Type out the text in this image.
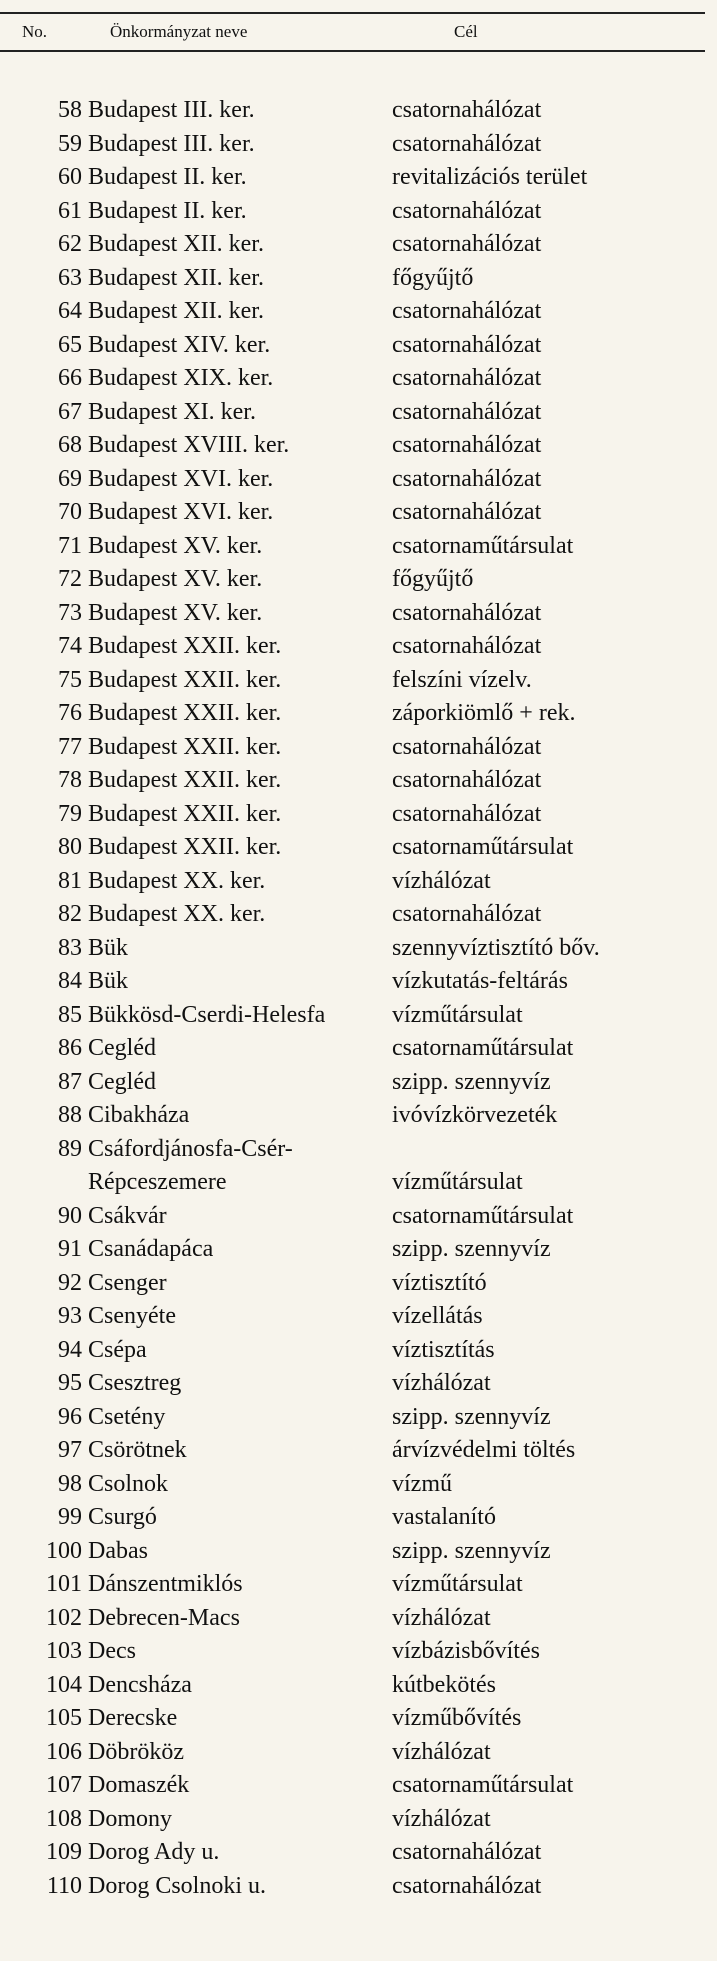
No.	Önkormányzat neve	Cél
58 Budapest III. ker.	csatornahálózat
59 Budapest III. ker.	csatornahálózat
60 Budapest II. ker.	revitalizációs terület
61 Budapest II. ker.	csatornahálózat
62 Budapest XII. ker.	csatornahálózat
63 Budapest XII. ker.	főgyűjtő
64 Budapest XII. ker.	csatornahálózat
65 Budapest XIV. ker.	csatornahálózat
66 Budapest XIX. ker.	csatornahálózat
67 Budapest XI. ker.	csatornahálózat
68 Budapest XVIII. ker.	csatornahálózat
69 Budapest XVI. ker.	csatornahálózat
70 Budapest XVI. ker.	csatornahálózat
71 Budapest XV. ker.	csatornaműtársulat
72 Budapest XV. ker.	főgyűjtő
73 Budapest XV. ker.	csatornahálózat
74 Budapest XXII. ker.	csatornahálózat
75 Budapest XXII. ker.	felszíni vízelv.
76 Budapest XXII. ker.	záporkiömlő + rek.
77 Budapest XXII. ker.	csatornahálózat
78 Budapest XXII. ker.	csatornahálózat
79 Budapest XXII. ker.	csatornahálózat
80 Budapest XXII. ker.	csatornaműtársulat
81 Budapest XX. ker.	vízhálózat
82 Budapest XX. ker.	csatornahálózat
83 Bük	szennyvíztisztító bőv.
84 Bük	vízkutatás-feltárás
85 Bükkösd-Cserdi-Helesfa	vízműtársulat
86 Cegléd	csatornaműtársulat
87 Cegléd	szipp. szennyvíz
88 Cibakháza	ivóvízkörvezeték
89 Csáfordjánosfa-Csér-
Répceszemere	vízműtársulat
90 Csákvár	csatornaműtársulat
91 Csanádapáca	szipp. szennyvíz
92 Csenger	víztisztító
93 Csenyéte	vízellátás
94 Csépa	víztisztítás
95 Csesztreg	vízhálózat
96 Csetény	szipp. szennyvíz
97 Csörötnek	árvízvédelmi töltés
98 Csolnok	vízmű
99 Csurgó	vastalanító
100 Dabas	szipp. szennyvíz
101 Dánszentmiklós	vízműtársulat
102 Debrecen-Macs	vízhálózat
103 Decs	vízbázisbővítés
104 Dencsháza	kútbekötés
105 Derecske	vízműbővítés
106 Döbrököz	vízhálózat
107 Domaszék	csatornaműtársulat
108 Domony	vízhálózat
109 Dorog Ady u.	csatornahálózat
110 Dorog Csolnoki u.	csatornahálózat
